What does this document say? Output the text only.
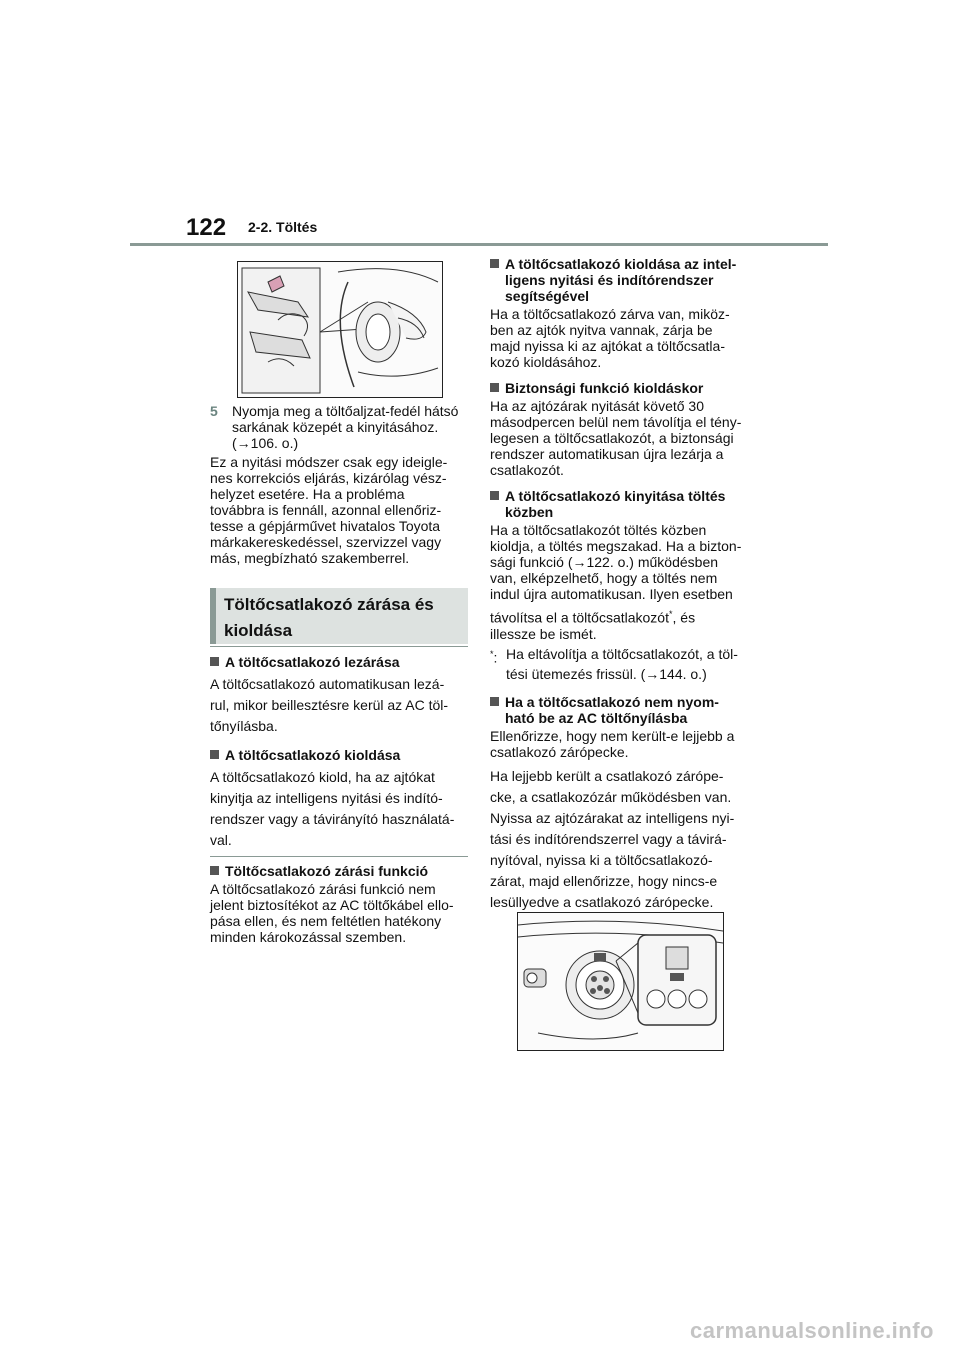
122 2-2. Töltés

5	Nyomja meg a töltőaljzat-fedél hátsó
sarkának közepét a kinyitásához.
(→106. o.)

Ez a nyitási módszer csak egy ideigle-
nes korrekciós eljárás, kizárólag vész-
helyzet esetére. Ha a probléma
továbbra is fennáll, azonnal ellenőriz-
tesse a gépjárművet hivatalos Toyota
márkakereskedéssel, szervizzel vagy
más, megbízható szakemberrel.

Töltőcsatlakozó zárása és
kioldása

A töltőcsatlakozó lezárása

A töltőcsatlakozó automatikusan lezá-
rul, mikor beillesztésre kerül az AC töl-
tőnyílásba.

A töltőcsatlakozó kioldása

A töltőcsatlakozó kiold, ha az ajtókat
kinyitja az intelligens nyitási és indító-
rendszer vagy a távirányító használatá-
val.

Töltőcsatlakozó zárási funkció

A töltőcsatlakozó zárási funkció nem
jelent biztosítékot az AC töltőkábel ello-
pása ellen, és nem feltétlen hatékony
minden károkozással szemben.

A töltőcsatlakozó kioldása az intel-
ligens nyitási és indítórendszer
segítségével

Ha a töltőcsatlakozó zárva van, miköz-
ben az ajtók nyitva vannak, zárja be
majd nyissa ki az ajtókat a töltőcsatla-
kozó kioldásához.

Biztonsági funkció kioldáskor

Ha az ajtózárak nyitását követő 30
másodpercen belül nem távolítja el tény-
legesen a töltőcsatlakozót, a biztonsági
rendszer automatikusan újra lezárja a
csatlakozót.

A töltőcsatlakozó kinyitása töltés
közben

Ha a töltőcsatlakozót töltés közben
kioldja, a töltés megszakad. Ha a bizton-
sági funkció (→122. o.) működésben
van, elképzelhető, hogy a töltés nem
indul újra automatikusan. Ilyen esetben

távolítsa el a töltőcsatlakozót*, és
illessze be ismét.

*: Ha eltávolítja a töltőcsatlakozót, a töl-
tési ütemezés frissül. (→144. o.)

Ha a töltőcsatlakozó nem nyom-
ható be az AC töltőnyílásba

Ellenőrizze, hogy nem került-e lejjebb a
csatlakozó zárópecke.

Ha lejjebb került a csatlakozó zárópe-
cke, a csatlakozózár működésben van.
Nyissa az ajtózárakat az intelligens nyi-
tási és indítórendszerrel vagy a távirá-
nyítóval, nyissa ki a töltőcsatlakozó-
zárat, majd ellenőrizze, hogy nincs-e
lesüllyedve a csatlakozó zárópecke.

carmanualsonline.info
